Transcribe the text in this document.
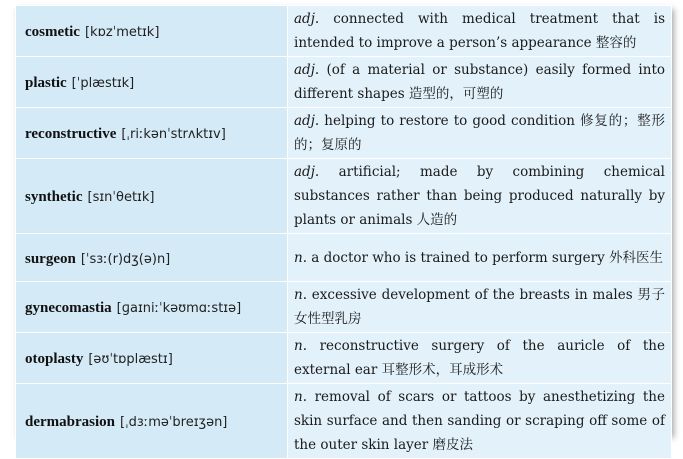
cosmetic [kɒzˈmetɪk]	adj. connected with medical treatment that is intended to improve a person’s appearance 整容的

plastic [ˈplæstɪk]	adj. (of a material or substance) easily formed into different shapes 造型的，可塑的

reconstructive [ˌriːkənˈstrʌktɪv]	adj. helping to restore to good condition 修复的；整形的；复原的

synthetic [sɪnˈθetɪk]	adj. artificial; made by combining chemical substances rather than being produced naturally by plants or animals 人造的

surgeon [ˈsɜː(r)dʒ(ə)n]	n. a doctor who is trained to perform surgery 外科医生

gynecomastia [ɡaɪniːˈkəʊmɑːstɪə]	n. excessive development of the breasts in males 男子女性型乳房

otoplasty [əʊˈtɒplæstɪ]	n. reconstructive surgery of the auricle of the external ear 耳整形术，耳成形术

dermabrasion [ˌdɜːməˈbreɪʒən]	n. removal of scars or tattoos by anesthetizing the skin surface and then sanding or scraping off some of the outer skin layer 磨皮法
